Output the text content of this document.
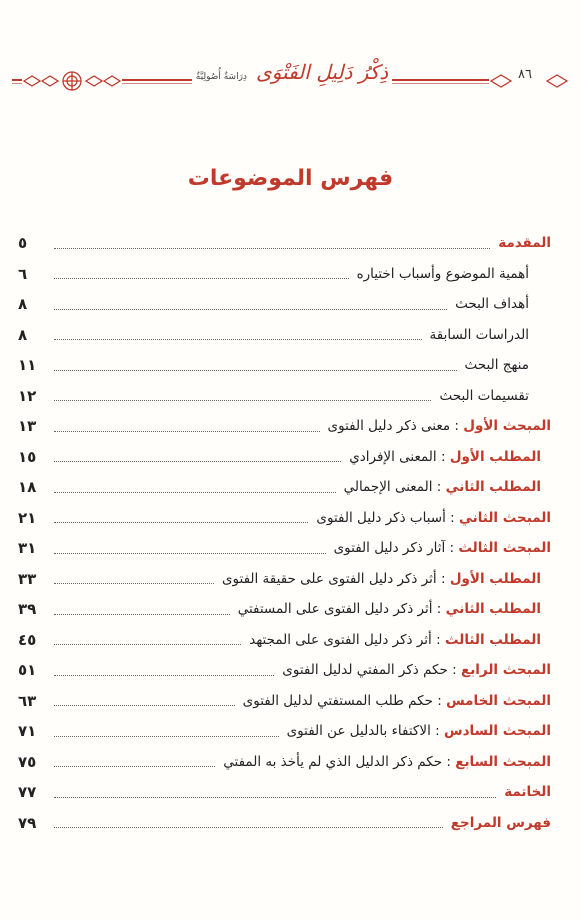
ذِكْرُ دَلِيلِ الفَتْوَى دِرَاسَةٌ أُصُولِيَّةٌ	٨٦
فهرس الموضوعات
المقدمة
٥
أهمية الموضوع وأسباب اختياره
٦
أهداف البحث
٨
الدراسات السابقة
٨
منهج البحث
١١
تقسيمات البحث
١٢
المبحث الأول : معنى ذكر دليل الفتوى
١٣
المطلب الأول : المعنى الإفرادي
١٥
المطلب الثاني : المعنى الإجمالي
١٨
المبحث الثاني : أسباب ذكر دليل الفتوى
٢١
المبحث الثالث : آثار ذكر دليل الفتوى
٣١
المطلب الأول : أثر ذكر دليل الفتوى على حقيقة الفتوى
٣٣
المطلب الثاني : أثر ذكر دليل الفتوى على المستفتي
٣٩
المطلب الثالث : أثر ذكر دليل الفتوى على المجتهد
٤٥
المبحث الرابع : حكم ذكر المفتي لدليل الفتوى
٥١
المبحث الخامس : حكم طلب المستفتي لدليل الفتوى
٦٣
المبحث السادس : الاكتفاء بالدليل عن الفتوى
٧١
المبحث السابع : حكم ذكر الدليل الذي لم يأخذ به المفتي
٧٥
الخاتمة
٧٧
فهرس المراجع
٧٩
